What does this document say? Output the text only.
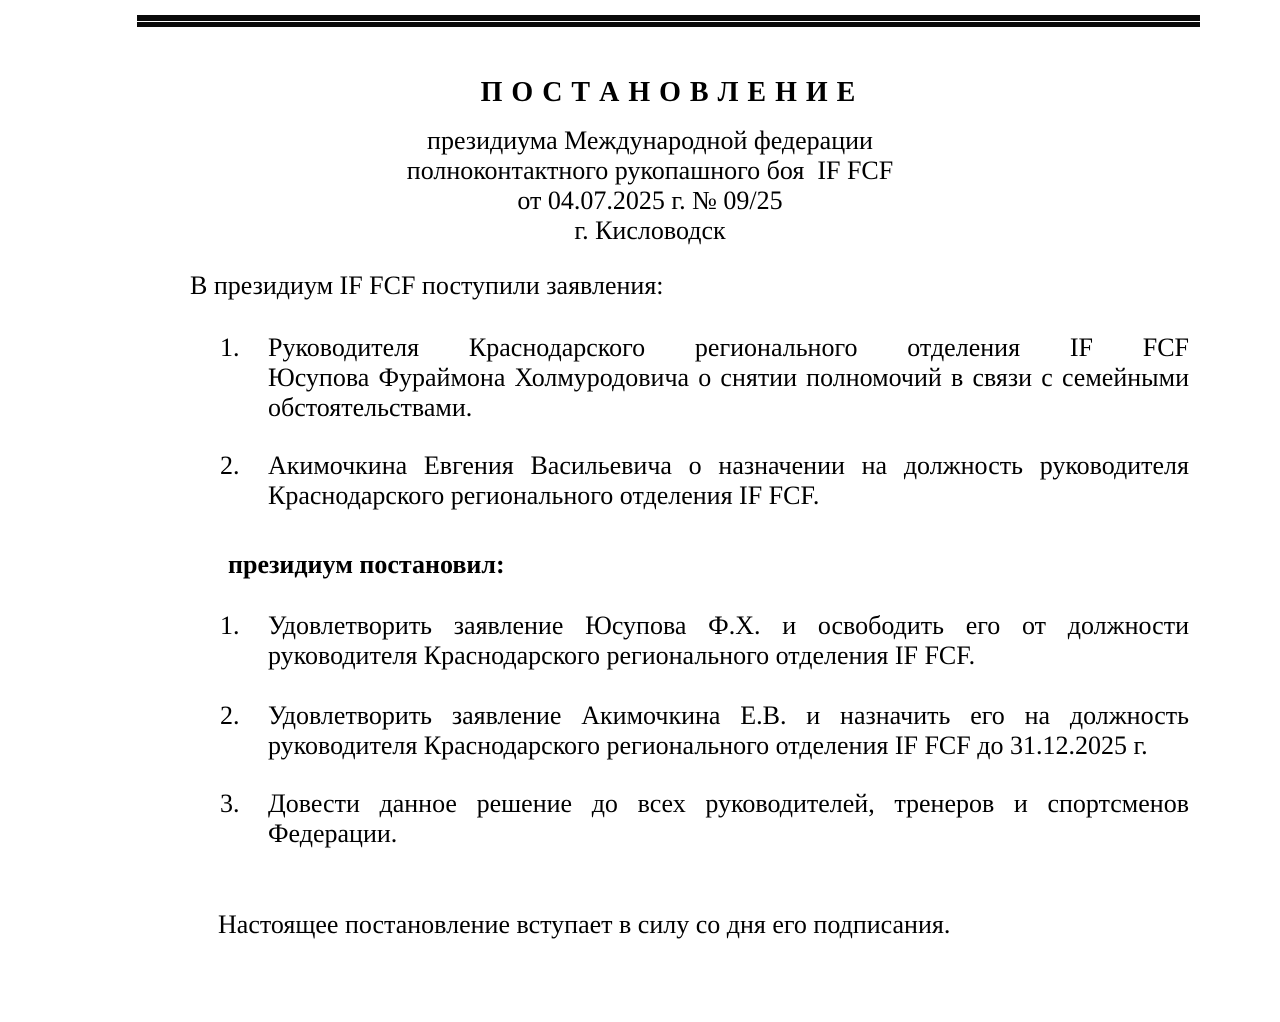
П О С Т А Н О В Л Е Н И Е
президиума Международной федерации
полноконтактного рукопашного боя  IF FCF
от 04.07.2025 г. № 09/25
г. Кисловодск
В президиум IF FCF поступили заявления:
1.	Руководителя Краснодарского регионального отделения IF FCF
Юсупова Фураймона Холмуродовича о снятии полномочий в связи с семейными
обстоятельствами.
2.	Акимочкина Евгения Васильевича о назначении на должность руководителя
Краснодарского регионального отделения IF FCF.
президиум постановил:
1.	Удовлетворить заявление Юсупова Ф.Х. и освободить его от должности
руководителя Краснодарского регионального отделения IF FCF.
2.	Удовлетворить заявление Акимочкина Е.В. и назначить его на должность
руководителя Краснодарского регионального отделения IF FCF до 31.12.2025 г.
3.	Довести данное решение до всех руководителей, тренеров и спортсменов
Федерации.
Настоящее постановление вступает в силу со дня его подписания.
